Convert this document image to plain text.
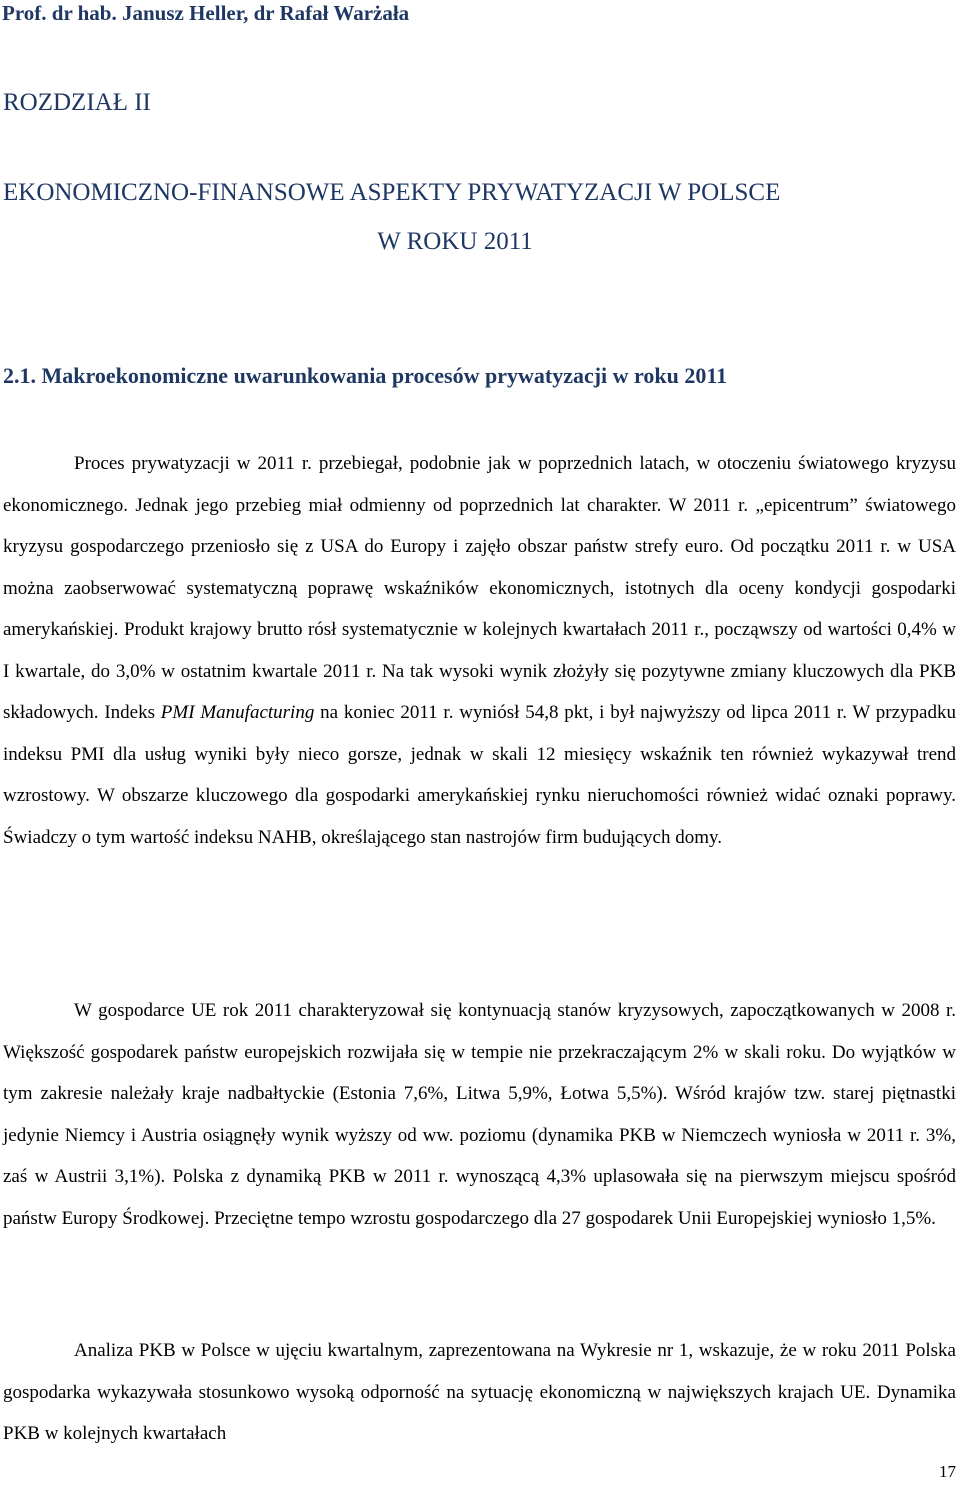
Prof. dr hab. Janusz Heller, dr Rafał Warżała
ROZDZIAŁ II
EKONOMICZNO-FINANSOWE ASPEKTY PRYWATYZACJI W POLSCE
W ROKU 2011
2.1. Makroekonomiczne uwarunkowania procesów prywatyzacji w roku 2011

Proces prywatyzacji w 2011 r. przebiegał, podobnie jak w poprzednich latach, w otoczeniu światowego kryzysu ekonomicznego. Jednak jego przebieg miał odmienny od poprzednich lat charakter. W 2011 r. „epicentrum” światowego kryzysu gospodarczego przeniosło się z USA do Europy i zajęło obszar państw strefy euro. Od początku 2011 r. w USA można zaobserwować systematyczną poprawę wskaźników ekonomicznych, istotnych dla oceny kondycji gospodarki amerykańskiej. Produkt krajowy brutto rósł systematycznie w kolejnych kwartałach 2011 r., począwszy od wartości 0,4% w I kwartale, do 3,0% w ostatnim kwartale 2011 r. Na tak wysoki wynik złożyły się pozytywne zmiany kluczowych dla PKB składowych. Indeks PMI Manufacturing na koniec 2011 r. wyniósł 54,8 pkt, i był najwyższy od lipca 2011 r. W przypadku indeksu PMI dla usług wyniki były nieco gorsze, jednak w skali 12 miesięcy wskaźnik ten również wykazywał trend wzrostowy. W obszarze kluczowego dla gospodarki amerykańskiej rynku nieruchomości również widać oznaki poprawy. Świadczy o tym wartość indeksu NAHB, określającego stan nastrojów firm budujących domy.

W gospodarce UE rok 2011 charakteryzował się kontynuacją stanów kryzysowych, zapoczątkowanych w 2008 r. Większość gospodarek państw europejskich rozwijała się w tempie nie przekraczającym 2% w skali roku. Do wyjątków w tym zakresie należały kraje nadbałtyckie (Estonia 7,6%, Litwa 5,9%, Łotwa 5,5%). Wśród krajów tzw. starej piętnastki jedynie Niemcy i Austria osiągnęły wynik wyższy od ww. poziomu (dynamika PKB w Niemczech wyniosła w 2011 r. 3%, zaś w Austrii 3,1%). Polska z dynamiką PKB w 2011 r. wynoszącą 4,3% uplasowała się na pierwszym miejscu spośród państw Europy Środkowej. Przeciętne tempo wzrostu gospodarczego dla 27 gospodarek Unii Europejskiej wyniosło 1,5%.

Analiza PKB w Polsce w ujęciu kwartalnym, zaprezentowana na Wykresie nr 1, wskazuje, że w roku 2011 Polska gospodarka wykazywała stosunkowo wysoką odporność na sytuację ekonomiczną w największych krajach UE. Dynamika PKB w kolejnych kwartałach

17
